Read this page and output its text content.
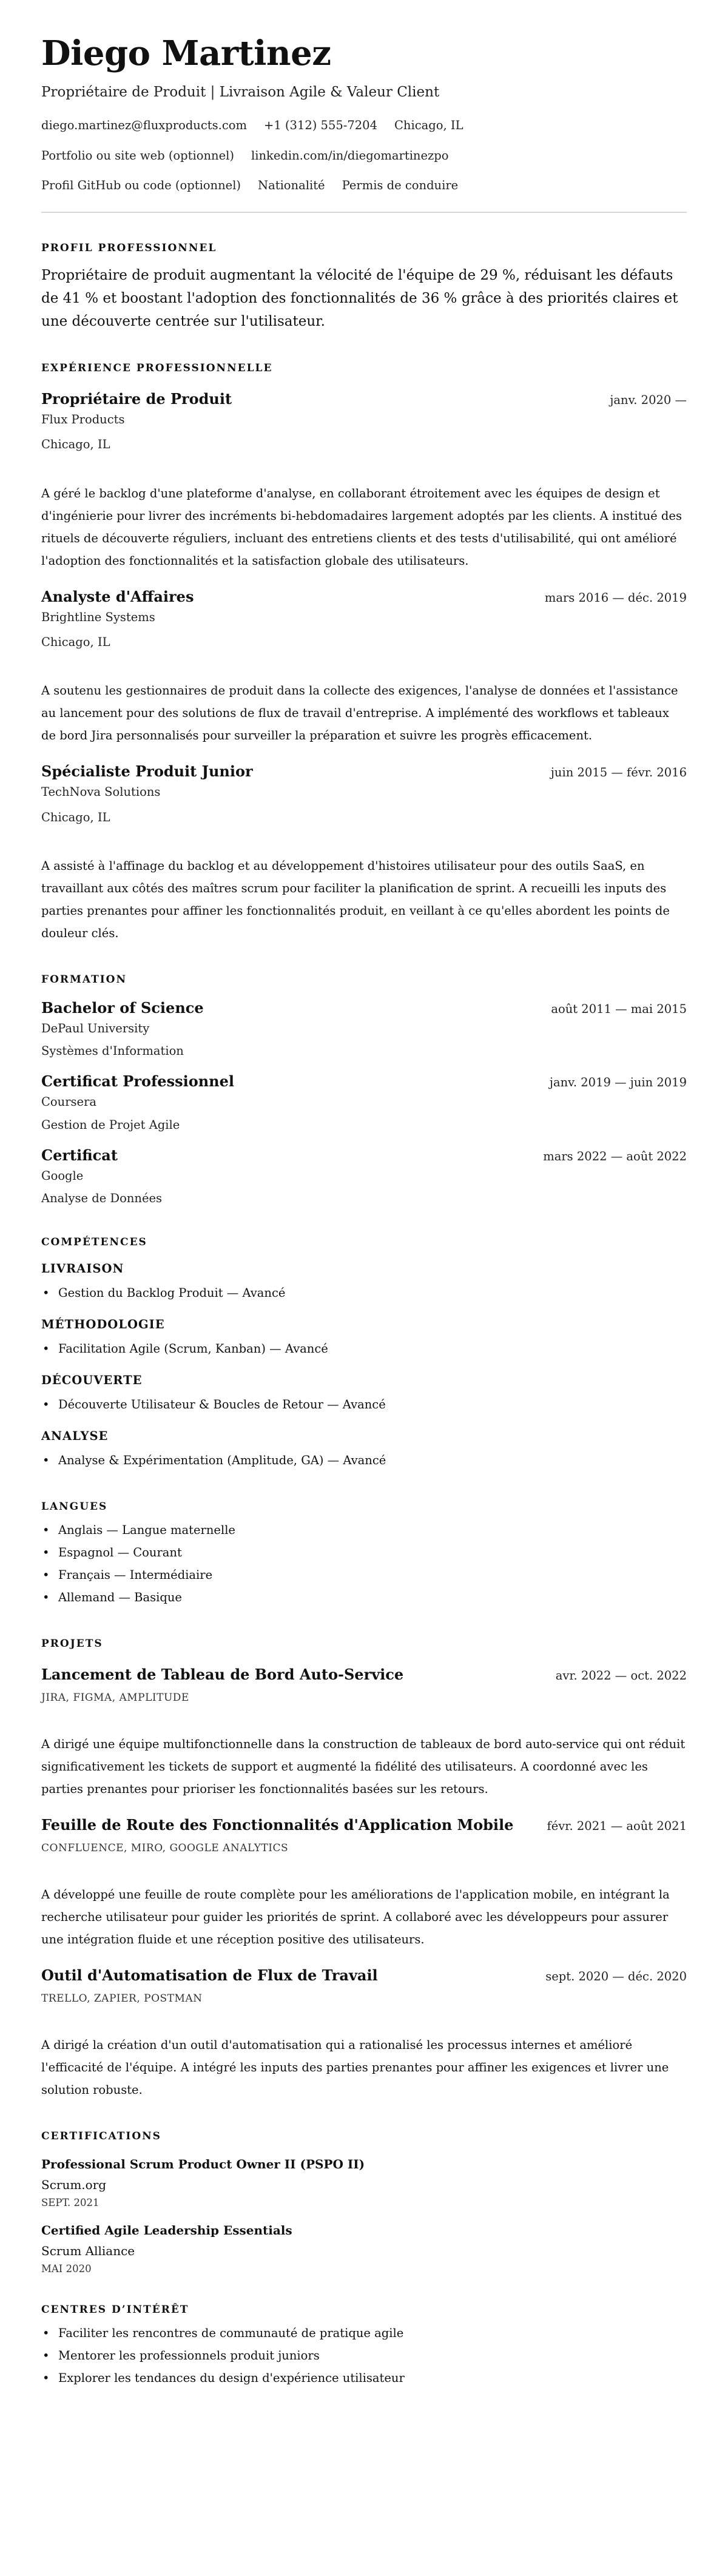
Diego Martinez
Propriétaire de Produit | Livraison Agile & Valeur Client
diego.martinez@fluxproducts.com +1 (312) 555-7204 Chicago, IL
Portfolio ou site web (optionnel) linkedin.com/in/diegomartinezpo
Profil GitHub ou code (optionnel) Nationalité Permis de conduire
PROFIL PROFESSIONNEL

Propriétaire de produit augmentant la vélocité de l'équipe de 29 %, réduisant les défauts de 41 % et boostant l'adoption des fonctionnalités de 36 % grâce à des priorités claires et une découverte centrée sur l'utilisateur.

EXPÉRIENCE PROFESSIONNELLE
Propriétaire de Produit	janv. 2020 —
Flux Products
Chicago, IL

A géré le backlog d'une plateforme d'analyse, en collaborant étroitement avec les équipes de design et d'ingénierie pour livrer des incréments bi-hebdomadaires largement adoptés par les clients. A institué des rituels de découverte réguliers, incluant des entretiens clients et des tests d'utilisabilité, qui ont amélioré l'adoption des fonctionnalités et la satisfaction globale des utilisateurs.

Analyste d'Affaires	mars 2016 — déc. 2019
Brightline Systems
Chicago, IL

A soutenu les gestionnaires de produit dans la collecte des exigences, l'analyse de données et l'assistance au lancement pour des solutions de flux de travail d'entreprise. A implémenté des workflows et tableaux de bord Jira personnalisés pour surveiller la préparation et suivre les progrès efficacement.

Spécialiste Produit Junior	juin 2015 — févr. 2016
TechNova Solutions
Chicago, IL

A assisté à l'affinage du backlog et au développement d'histoires utilisateur pour des outils SaaS, en travaillant aux côtés des maîtres scrum pour faciliter la planification de sprint. A recueilli les inputs des parties prenantes pour affiner les fonctionnalités produit, en veillant à ce qu'elles abordent les points de douleur clés.

FORMATION
Bachelor of Science	août 2011 — mai 2015
DePaul University
Systèmes d'Information
Certificat Professionnel	janv. 2019 — juin 2019
Coursera
Gestion de Projet Agile
Certificat	mars 2022 — août 2022
Google
Analyse de Données
COMPÉTENCES
LIVRAISON
• Gestion du Backlog Produit — Avancé
MÉTHODOLOGIE
• Facilitation Agile (Scrum, Kanban) — Avancé
DÉCOUVERTE
• Découverte Utilisateur & Boucles de Retour — Avancé
ANALYSE
• Analyse & Expérimentation (Amplitude, GA) — Avancé
LANGUES
• Anglais — Langue maternelle
• Espagnol — Courant
• Français — Intermédiaire
• Allemand — Basique
PROJETS
Lancement de Tableau de Bord Auto-Service	avr. 2022 — oct. 2022
JIRA, FIGMA, AMPLITUDE

A dirigé une équipe multifonctionnelle dans la construction de tableaux de bord auto-service qui ont réduit significativement les tickets de support et augmenté la fidélité des utilisateurs. A coordonné avec les parties prenantes pour prioriser les fonctionnalités basées sur les retours.

Feuille de Route des Fonctionnalités d'Application Mobile	févr. 2021 — août 2021
CONFLUENCE, MIRO, GOOGLE ANALYTICS

A développé une feuille de route complète pour les améliorations de l'application mobile, en intégrant la recherche utilisateur pour guider les priorités de sprint. A collaboré avec les développeurs pour assurer une intégration fluide et une réception positive des utilisateurs.

Outil d'Automatisation de Flux de Travail	sept. 2020 — déc. 2020
TRELLO, ZAPIER, POSTMAN

A dirigé la création d'un outil d'automatisation qui a rationalisé les processus internes et amélioré l'efficacité de l'équipe. A intégré les inputs des parties prenantes pour affiner les exigences et livrer une solution robuste.

CERTIFICATIONS
Professional Scrum Product Owner II (PSPO II)
Scrum.org
SEPT. 2021
Certified Agile Leadership Essentials
Scrum Alliance
MAI 2020
CENTRES D’INTÉRÊT
• Faciliter les rencontres de communauté de pratique agile
• Mentorer les professionnels produit juniors
• Explorer les tendances du design d'expérience utilisateur
